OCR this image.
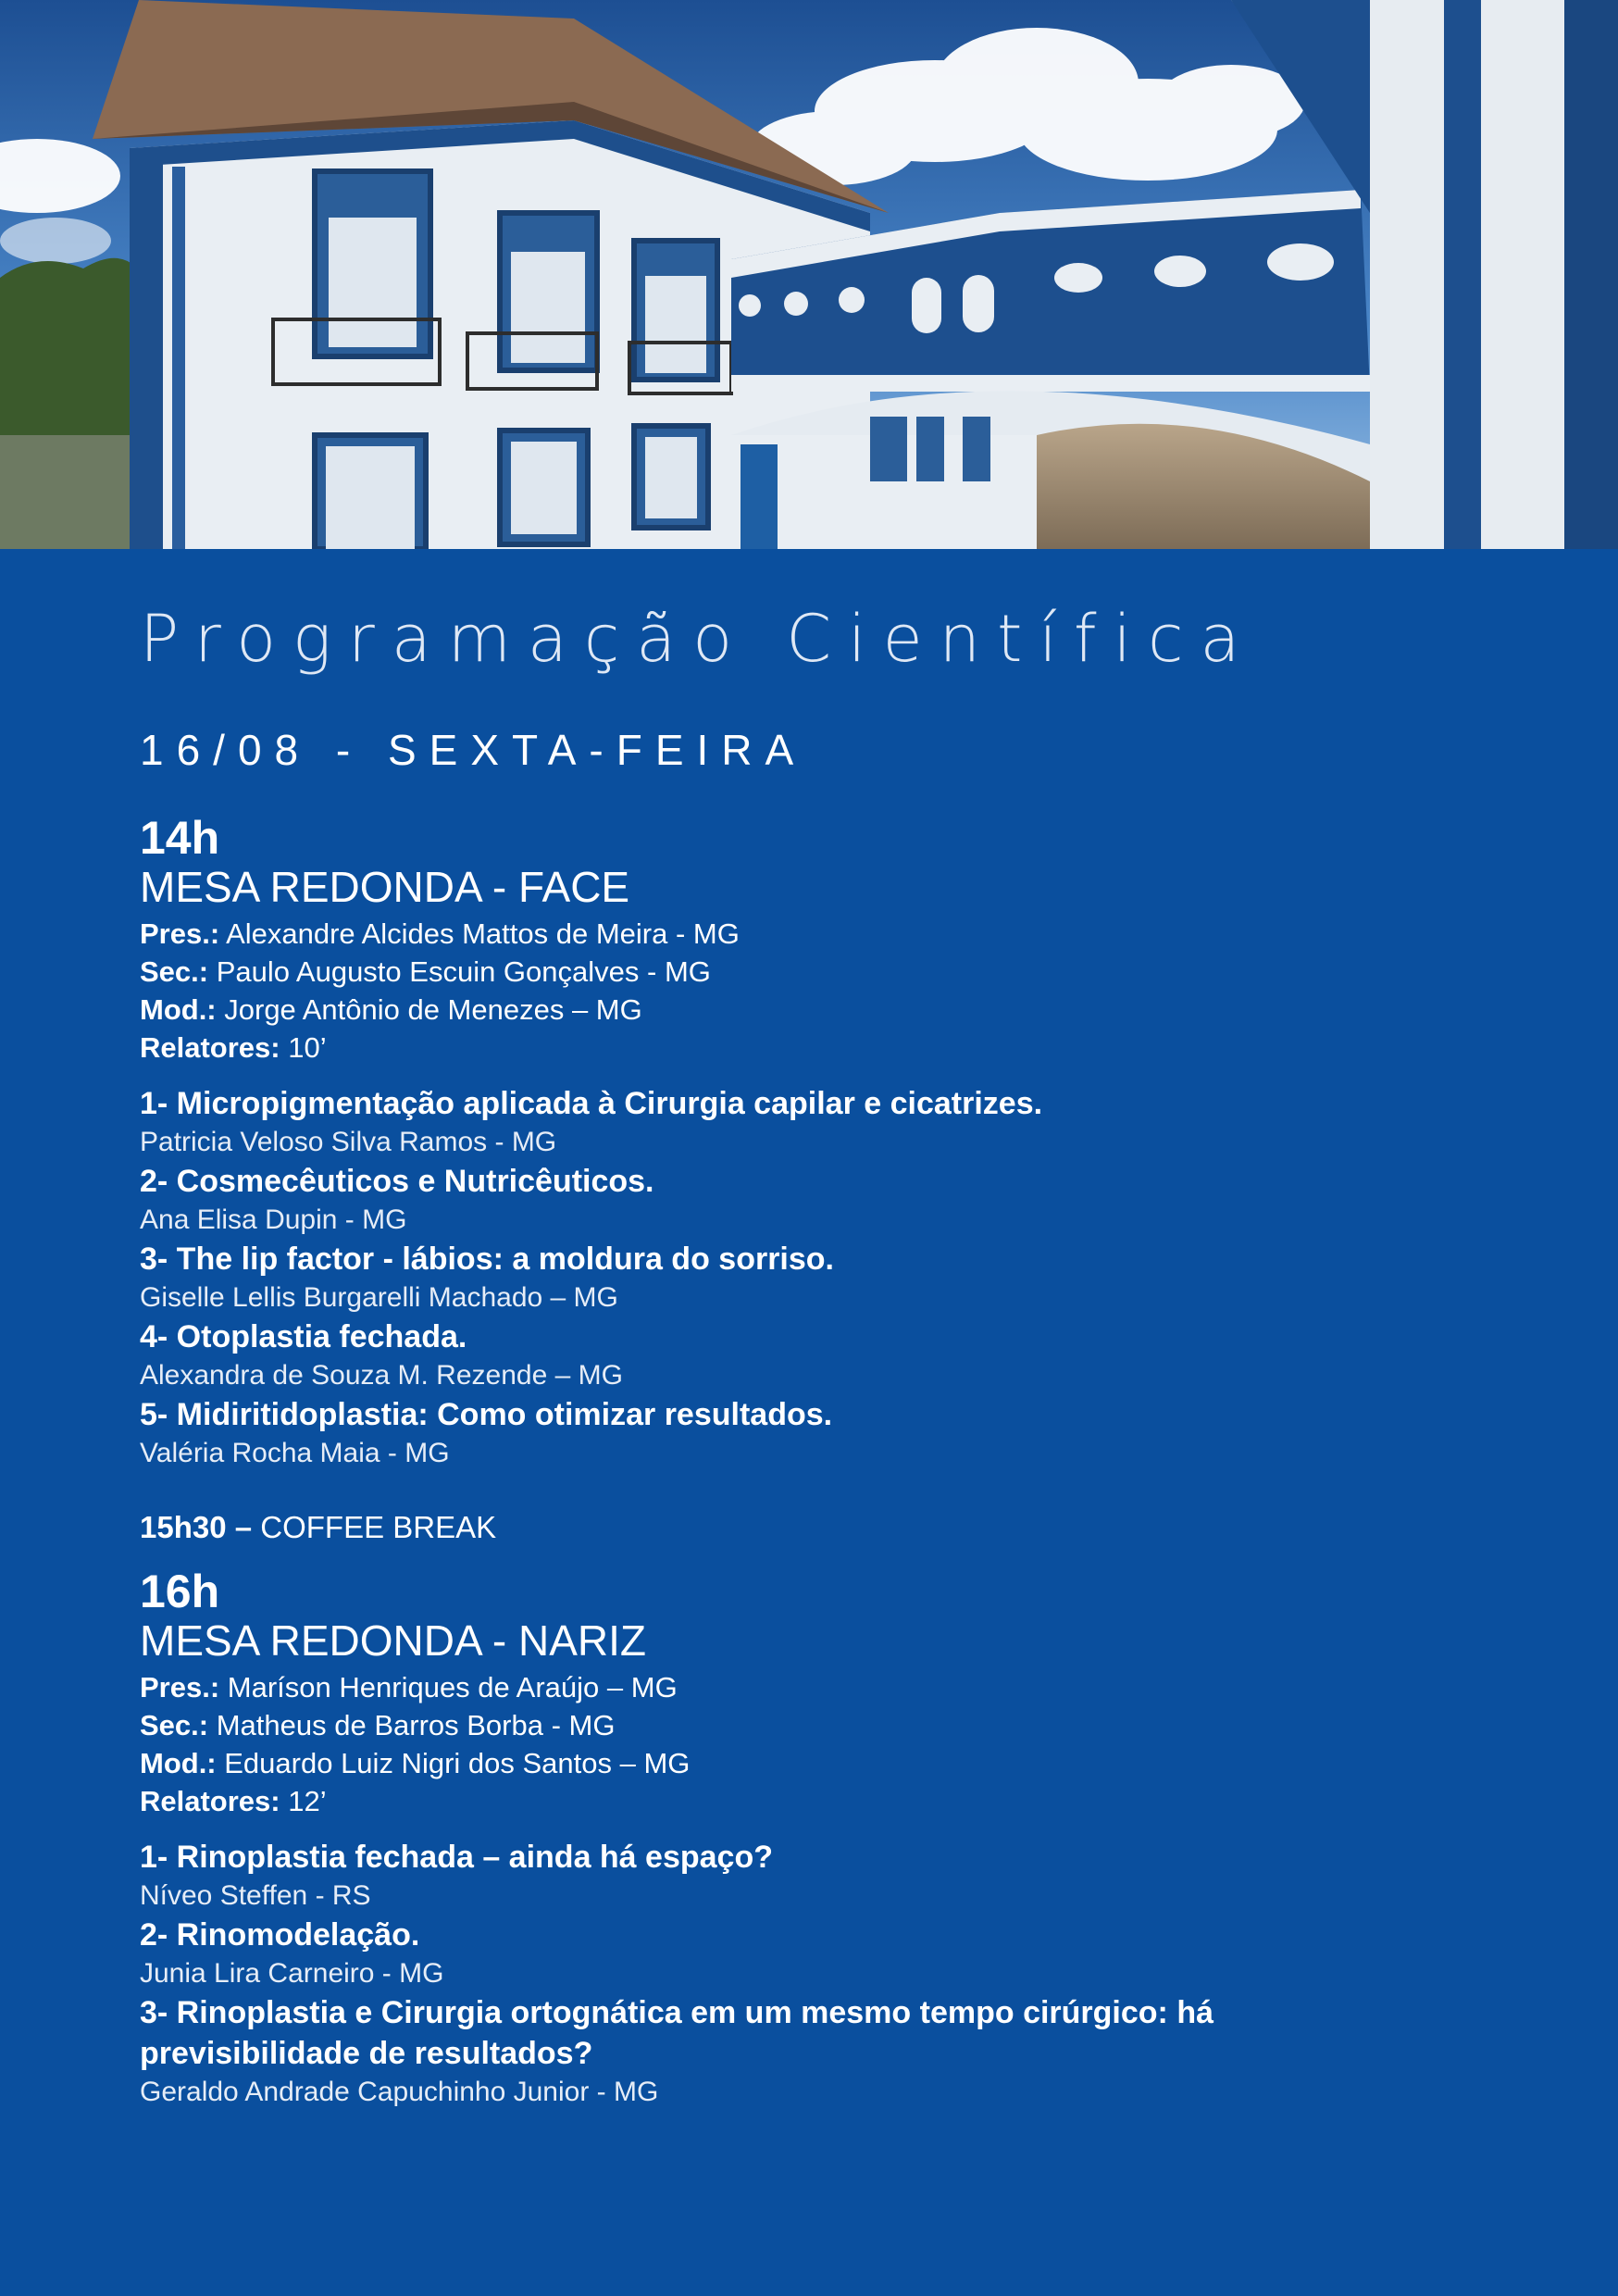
Programação Científica
16/08 - SEXTA-FEIRA
14h
MESA REDONDA - FACE
Pres.: Alexandre Alcides Mattos de Meira - MG
Sec.: Paulo Augusto Escuin Gonçalves - MG
Mod.: Jorge Antônio de Menezes – MG
Relatores: 10’
1- Micropigmentação aplicada à Cirurgia capilar e cicatrizes.
Patricia Veloso Silva Ramos - MG
2- Cosmecêuticos e Nutricêuticos.
Ana Elisa Dupin - MG
3- The lip factor - lábios: a moldura do sorriso.
Giselle Lellis Burgarelli Machado – MG
4- Otoplastia fechada.
Alexandra de Souza M. Rezende – MG
5- Midiritidoplastia: Como otimizar resultados.
Valéria Rocha Maia - MG
15h30 – COFFEE BREAK
16h
MESA REDONDA - NARIZ
Pres.: Maríson Henriques de Araújo – MG
Sec.: Matheus de Barros Borba - MG
Mod.: Eduardo Luiz Nigri dos Santos – MG
Relatores: 12’
1- Rinoplastia fechada – ainda há espaço?
Níveo Steffen - RS
2- Rinomodelação.
Junia Lira Carneiro - MG
3- Rinoplastia e Cirurgia ortognática em um mesmo tempo cirúrgico: há previsibilidade de resultados?
Geraldo Andrade Capuchinho Junior - MG
